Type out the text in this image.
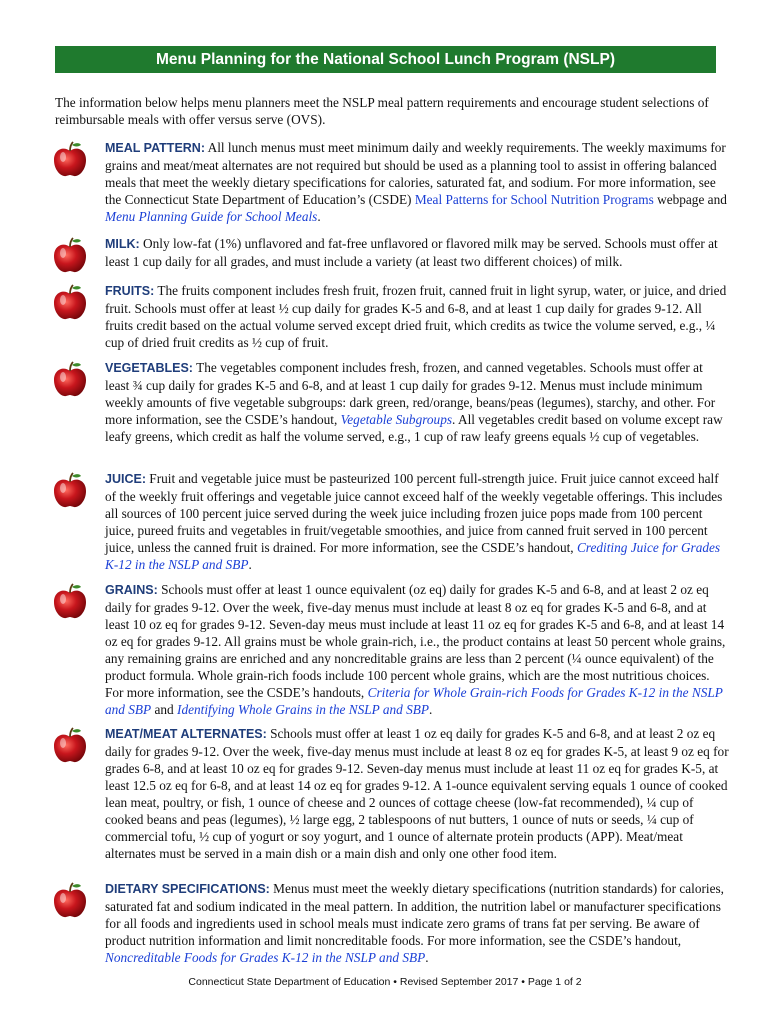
Menu Planning for the National School Lunch Program (NSLP)

The information below helps menu planners meet the NSLP meal pattern requirements and encourage student selections of reimbursable meals with offer versus serve (OVS).

MEAL PATTERN: All lunch menus must meet minimum daily and weekly requirements. The weekly maximums for grains and meat/meat alternates are not required but should be used as a planning tool to assist in offering balanced meals that meet the weekly dietary specifications for calories, saturated fat, and sodium. For more information, see the Connecticut State Department of Education’s (CSDE) Meal Patterns for School Nutrition Programs webpage and Menu Planning Guide for School Meals.
MILK: Only low-fat (1%) unflavored and fat-free unflavored or flavored milk may be served. Schools must offer at least 1 cup daily for all grades, and must include a variety (at least two different choices) of milk.
FRUITS: The fruits component includes fresh fruit, frozen fruit, canned fruit in light syrup, water, or juice, and dried fruit. Schools must offer at least ½ cup daily for grades K-5 and 6-8, and at least 1 cup daily for grades 9-12. All fruits credit based on the actual volume served except dried fruit, which credits as twice the volume served, e.g., ¼ cup of dried fruit credits as ½ cup of fruit.
VEGETABLES: The vegetables component includes fresh, frozen, and canned vegetables. Schools must offer at least ¾ cup daily for grades K-5 and 6-8, and at least 1 cup daily for grades 9-12. Menus must include minimum weekly amounts of five vegetable subgroups: dark green, red/orange, beans/peas (legumes), starchy, and other. For more information, see the CSDE’s handout, Vegetable Subgroups. All vegetables credit based on volume except raw leafy greens, which credit as half the volume served, e.g., 1 cup of raw leafy greens equals ½ cup of vegetables.
JUICE: Fruit and vegetable juice must be pasteurized 100 percent full-strength juice. Fruit juice cannot exceed half of the weekly fruit offerings and vegetable juice cannot exceed half of the weekly vegetable offerings. This includes all sources of 100 percent juice served during the week juice including frozen juice pops made from 100 percent juice, pureed fruits and vegetables in fruit/vegetable smoothies, and juice from canned fruit served in 100 percent juice, unless the canned fruit is drained. For more information, see the CSDE’s handout, Crediting Juice for Grades K-12 in the NSLP and SBP.
GRAINS: Schools must offer at least 1 ounce equivalent (oz eq) daily for grades K-5 and 6-8, and at least 2 oz eq daily for grades 9-12. Over the week, five-day menus must include at least 8 oz eq for grades K-5 and 6-8, and at least 10 oz eq for grades 9-12. Seven-day meus must include at least 11 oz eq for grades K-5 and 6-8, and at least 14 oz eq for grades 9-12. All grains must be whole grain-rich, i.e., the product contains at least 50 percent whole grains, any remaining grains are enriched and any noncreditable grains are less than 2 percent (¼ ounce equivalent) of the product formula. Whole grain-rich foods include 100 percent whole grains, which are the most nutritious choices. For more information, see the CSDE’s handouts, Criteria for Whole Grain-rich Foods for Grades K-12 in the NSLP and SBP and Identifying Whole Grains in the NSLP and SBP.
MEAT/MEAT ALTERNATES: Schools must offer at least 1 oz eq daily for grades K-5 and 6-8, and at least 2 oz eq daily for grades 9-12. Over the week, five-day menus must include at least 8 oz eq for grades K-5, at least 9 oz eq for grades 6-8, and at least 10 oz eq for grades 9-12. Seven-day menus must include at least 11 oz eq for grades K-5, at least 12.5 oz eq for 6-8, and at least 14 oz eq for grades 9-12. A 1-ounce equivalent serving equals 1 ounce of cooked lean meat, poultry, or fish, 1 ounce of cheese and 2 ounces of cottage cheese (low-fat recommended), ¼ cup of cooked beans and peas (legumes), ½ large egg, 2 tablespoons of nut butters, 1 ounce of nuts or seeds, ¼ cup of commercial tofu, ½ cup of yogurt or soy yogurt, and 1 ounce of alternate protein products (APP). Meat/meat alternates must be served in a main dish or a main dish and only one other food item.
DIETARY SPECIFICATIONS: Menus must meet the weekly dietary specifications (nutrition standards) for calories, saturated fat and sodium indicated in the meal pattern. In addition, the nutrition label or manufacturer specifications for all foods and ingredients used in school meals must indicate zero grams of trans fat per serving. Be aware of product nutrition information and limit noncreditable foods. For more information, see the CSDE’s handout, Noncreditable Foods for Grades K-12 in the NSLP and SBP.
Connecticut State Department of Education • Revised September 2017 • Page 1 of 2
